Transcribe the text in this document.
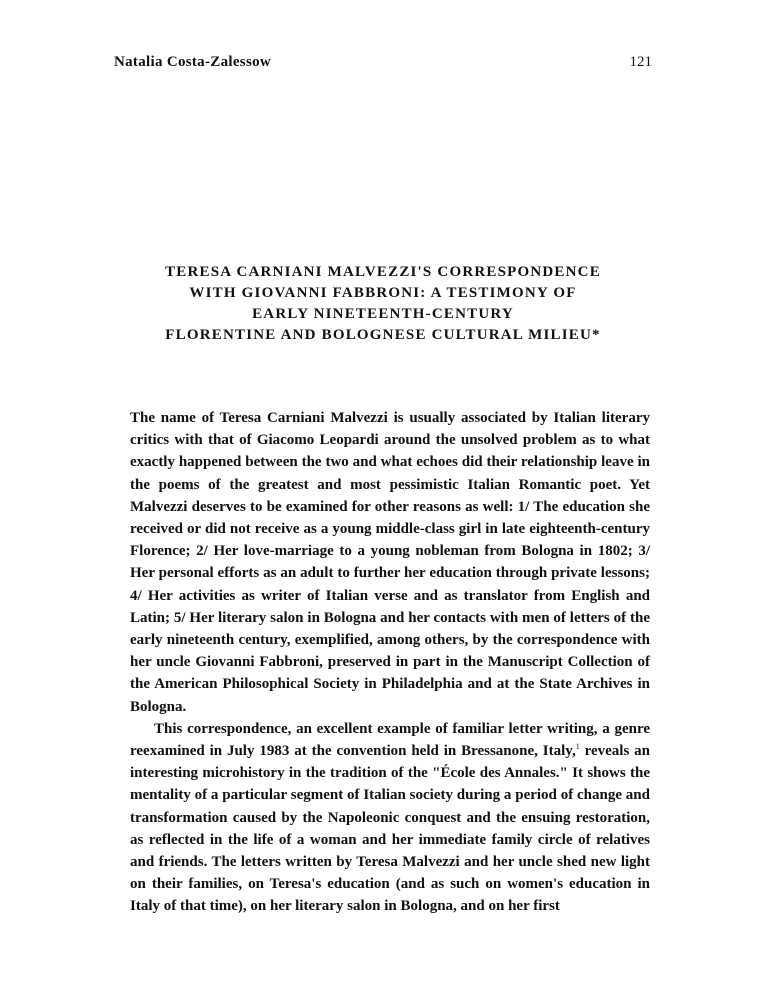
Natalia Costa-Zalessow	121
TERESA CARNIANI MALVEZZI'S CORRESPONDENCE
WITH GIOVANNI FABBRONI: A TESTIMONY OF
EARLY NINETEENTH-CENTURY
FLORENTINE AND BOLOGNESE CULTURAL MILIEU*

The name of Teresa Carniani Malvezzi is usually associated by Italian literary critics with that of Giacomo Leopardi around the unsolved problem as to what exactly happened between the two and what echoes did their relationship leave in the poems of the greatest and most pessimistic Italian Romantic poet. Yet Malvezzi deserves to be examined for other reasons as well: 1/ The education she received or did not receive as a young middle-class girl in late eighteenth-century Florence; 2/ Her love-marriage to a young nobleman from Bologna in 1802; 3/ Her personal efforts as an adult to further her education through private lessons; 4/ Her activities as writer of Italian verse and as translator from English and Latin; 5/ Her literary salon in Bologna and her contacts with men of letters of the early nineteenth century, exemplified, among others, by the correspondence with her uncle Giovanni Fabbroni, preserved in part in the Manuscript Collection of the American Philosophical Society in Philadelphia and at the State Archives in Bologna.

This correspondence, an excellent example of familiar letter writing, a genre reexamined in July 1983 at the convention held in Bressanone, Italy,$^1$ reveals an interesting microhistory in the tradition of the "École des Annales." It shows the mentality of a particular segment of Italian society during a period of change and transformation caused by the Napoleonic conquest and the ensuing restoration, as reflected in the life of a woman and her immediate family circle of relatives and friends. The letters written by Teresa Malvezzi and her uncle shed new light on their families, on Teresa's education (and as such on women's education in Italy of that time), on her literary salon in Bologna, and on her first
